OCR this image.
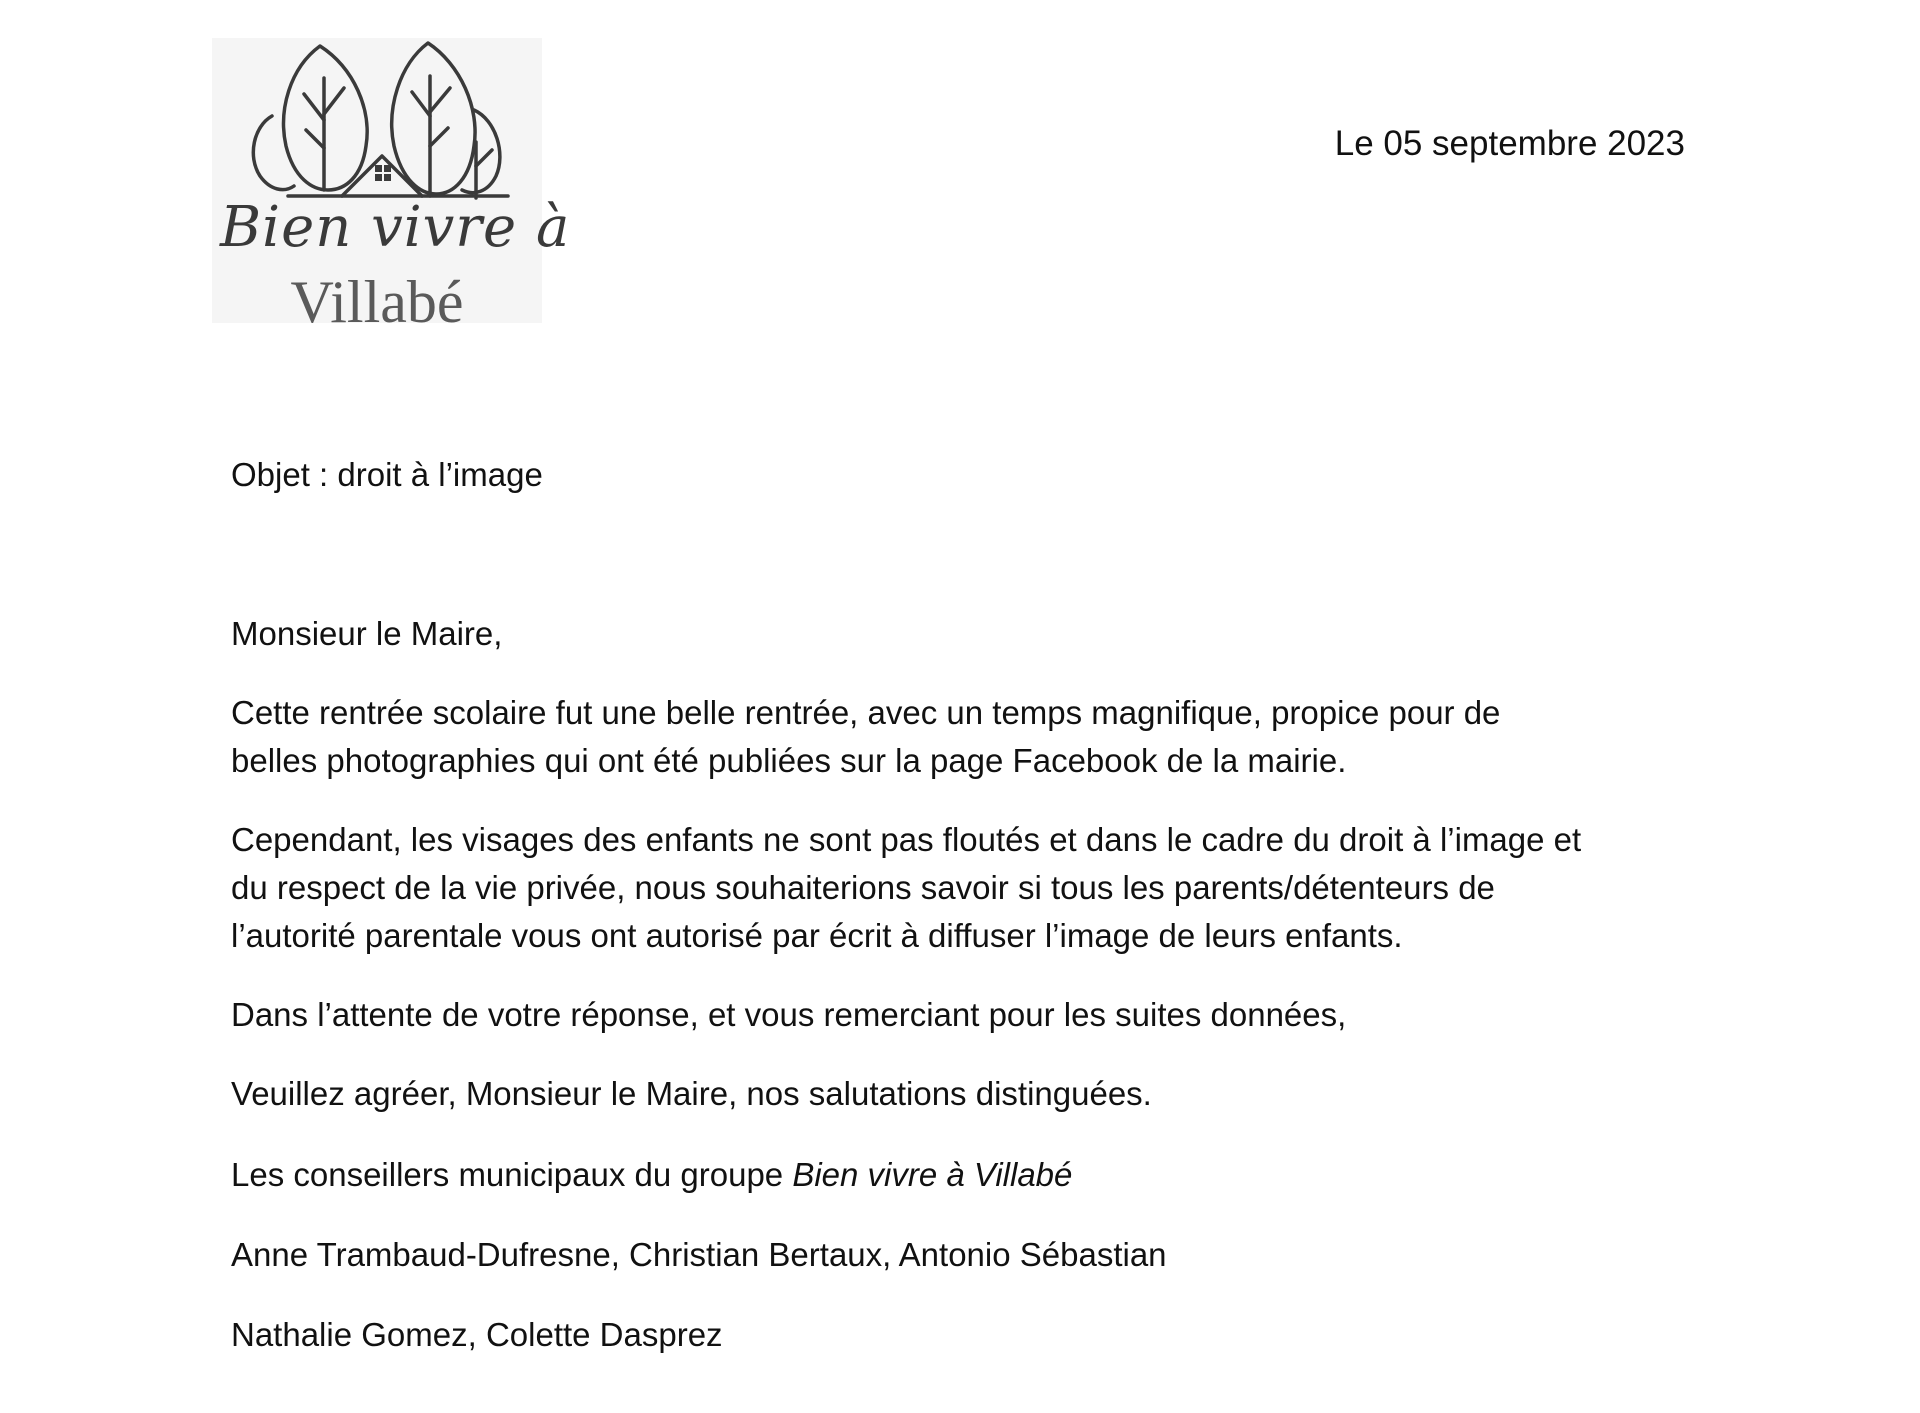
Bien vivre à
Villabé
Le 05 septembre 2023

Objet : droit à l’image

Monsieur le Maire,

Cette rentrée scolaire fut une belle rentrée, avec un temps magnifique, propice pour de

belles photographies qui ont été publiées sur la page Facebook de la mairie.

Cependant, les visages des enfants ne sont pas floutés et dans le cadre du droit à l’image et

du respect de la vie privée, nous souhaiterions savoir si tous les parents/détenteurs de

l’autorité parentale vous ont autorisé par écrit à diffuser l’image de leurs enfants.

Dans l’attente de votre réponse, et vous remerciant pour les suites données,

Veuillez agréer, Monsieur le Maire, nos salutations distinguées.

Les conseillers municipaux du groupe Bien vivre à Villabé

Anne Trambaud-Dufresne, Christian Bertaux, Antonio Sébastian

Nathalie Gomez, Colette Dasprez
